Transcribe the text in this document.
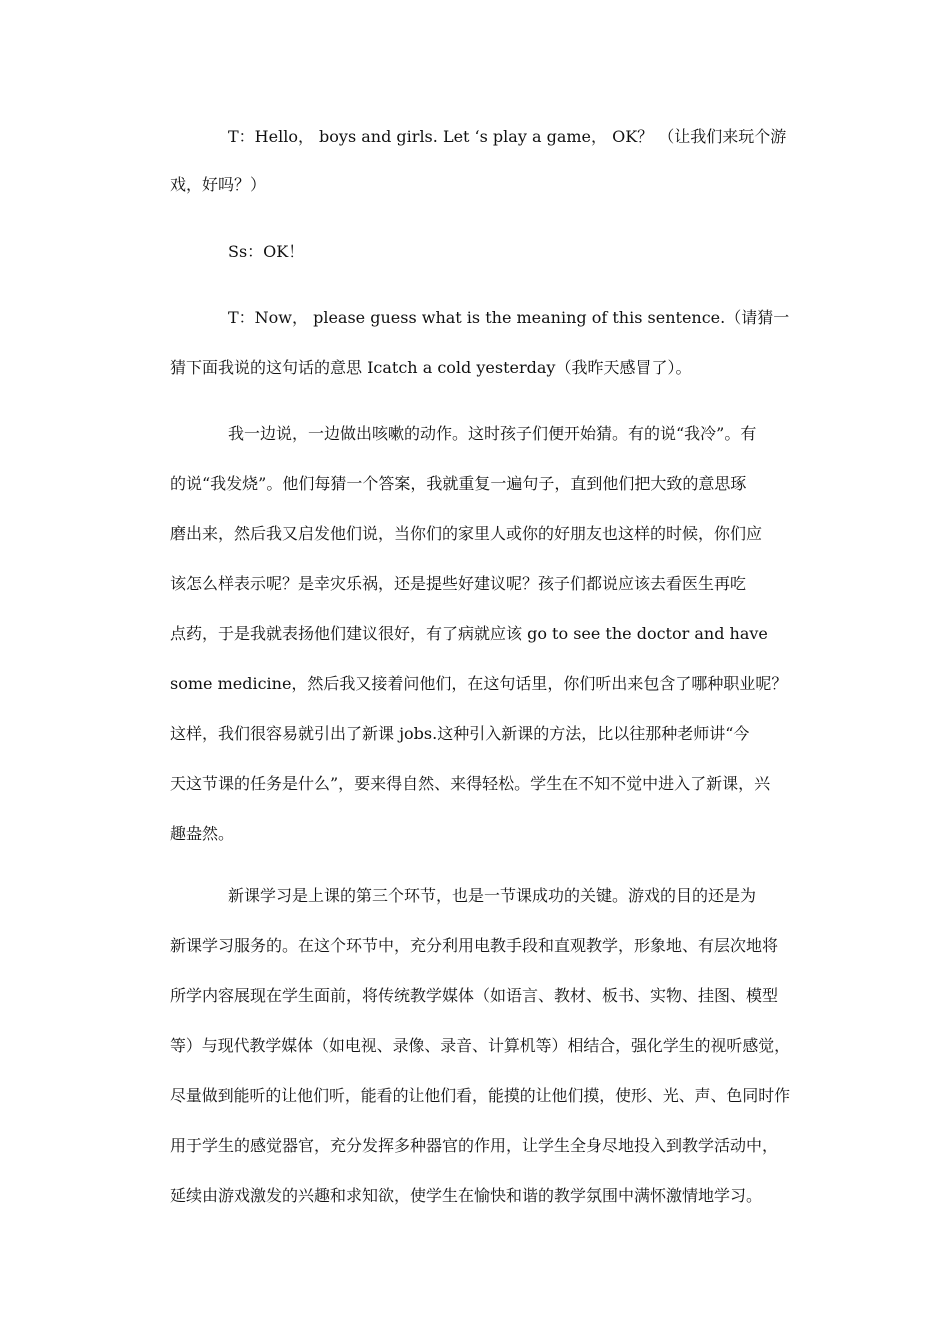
T：Hello， boys and girls. Let ‘s play a game， OK？ （让我们来玩个游
戏，好吗？）
Ss：OK！
T：Now， please guess what is the meaning of this sentence.（请猜一
猜下面我说的这句话的意思 Icatch a cold yesterday（我昨天感冒了）。
我一边说，一边做出咳嗽的动作。这时孩子们便开始猜。有的说“我冷”。有
的说“我发烧”。他们每猜一个答案，我就重复一遍句子，直到他们把大致的意思琢
磨出来，然后我又启发他们说，当你们的家里人或你的好朋友也这样的时候，你们应
该怎么样表示呢？是幸灾乐祸，还是提些好建议呢？孩子们都说应该去看医生再吃
点药，于是我就表扬他们建议很好，有了病就应该 go to see the doctor and have
some medicine，然后我又接着问他们，在这句话里，你们听出来包含了哪种职业呢？
这样，我们很容易就引出了新课 jobs.这种引入新课的方法，比以往那种老师讲“今
天这节课的任务是什么”，要来得自然、来得轻松。学生在不知不觉中进入了新课，兴
趣盎然。
新课学习是上课的第三个环节，也是一节课成功的关键。游戏的目的还是为
新课学习服务的。在这个环节中，充分利用电教手段和直观教学，形象地、有层次地将
所学内容展现在学生面前，将传统教学媒体（如语言、教材、板书、实物、挂图、模型
等）与现代教学媒体（如电视、录像、录音、计算机等）相结合，强化学生的视听感觉，
尽量做到能听的让他们听，能看的让他们看，能摸的让他们摸，使形、光、声、色同时作
用于学生的感觉器官，充分发挥多种器官的作用，让学生全身尽地投入到教学活动中，
延续由游戏激发的兴趣和求知欲，使学生在愉快和谐的教学氛围中满怀激情地学习。
